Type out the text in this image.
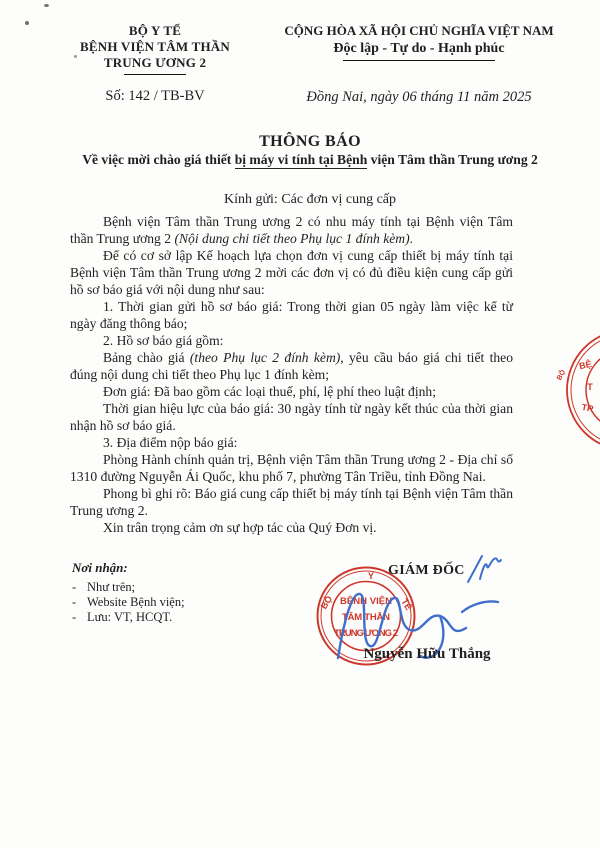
BỘ Y TẾ
BỆNH VIỆN TÂM THẦN
TRUNG ƯƠNG 2
Số: 142 / TB-BV
CỘNG HÒA XÃ HỘI CHỦ NGHĨA VIỆT NAM
Độc lập - Tự do - Hạnh phúc
Đồng Nai, ngày 06 tháng 11 năm 2025
THÔNG BÁO
Về việc mời chào giá thiết bị máy vi tính tại Bệnh viện Tâm thần Trung ương 2
Kính gửi: Các đơn vị cung cấp

Bệnh viện Tâm thần Trung ương 2 có nhu máy tính tại Bệnh viện Tâm thần Trung ương 2 (Nội dung chi tiết theo Phụ lục 1 đính kèm).

Để có cơ sở lập Kế hoạch lựa chọn đơn vị cung cấp thiết bị máy tính tại Bệnh viện Tâm thần Trung ương 2 mời các đơn vị có đủ điều kiện cung cấp gửi hồ sơ báo giá với nội dung như sau:

1. Thời gian gửi hồ sơ báo giá: Trong thời gian 05 ngày làm việc kể từ ngày đăng thông báo;

2. Hồ sơ báo giá gồm:

Bảng chào giá (theo Phụ lục 2 đính kèm), yêu cầu báo giá chi tiết theo đúng nội dung chi tiết theo Phụ lục 1 đính kèm;

Đơn giá: Đã bao gồm các loại thuế, phí, lệ phí theo luật định;

Thời gian hiệu lực của báo giá: 30 ngày tính từ ngày kết thúc của thời gian nhận hồ sơ báo giá.

3. Địa điểm nộp báo giá:

Phòng Hành chính quản trị, Bệnh viện Tâm thần Trung ương 2 - Địa chỉ số 1310 đường Nguyễn Ái Quốc, khu phố 7, phường Tân Triều, tỉnh Đồng Nai.

Phong bì ghi rõ: Báo giá cung cấp thiết bị máy tính tại Bệnh viện Tâm thần Trung ương 2.

Xin trân trọng cảm ơn sự hợp tác của Quý Đơn vị.

Nơi nhận:
- Như trên;
- Website Bệnh viện;
- Lưu: VT, HCQT.
GIÁM ĐỐC
Y
BỘ	TẾ
BỆNH VIỆN
TÂM THẦN
TRUNG ƯƠNG 2
Nguyễn Hữu Thắng
BỆ
T
TR
BỘ
